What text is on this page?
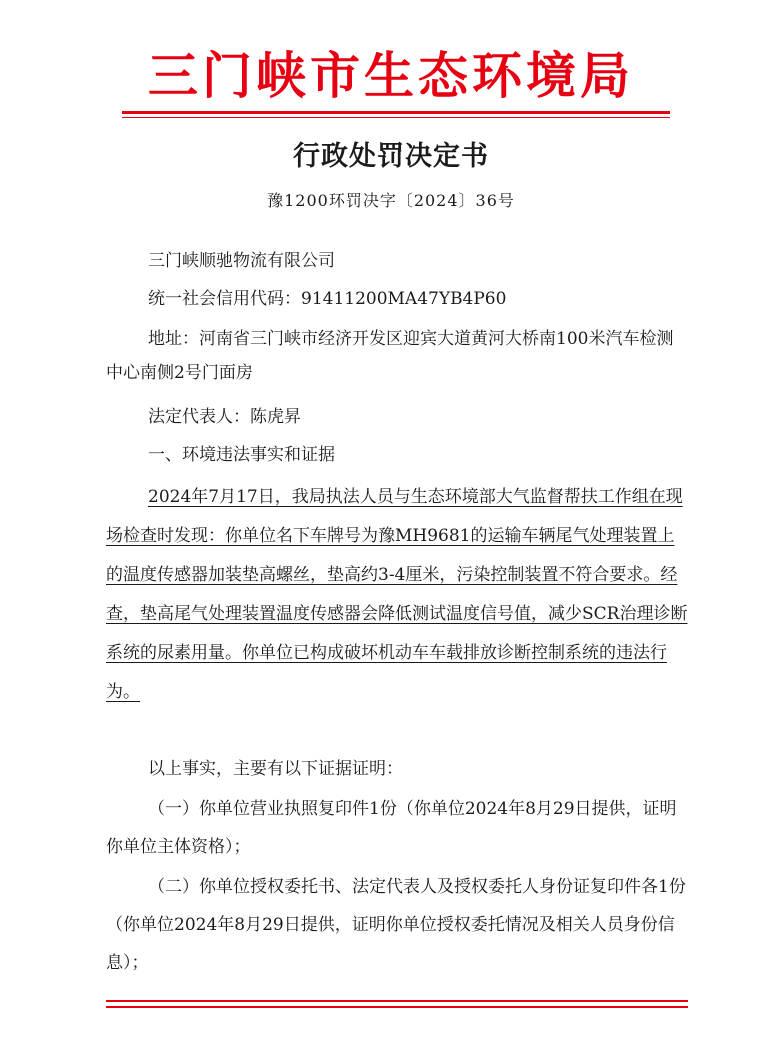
三门峡市生态环境局
行政处罚决定书
豫1200环罚决字〔2024〕36号

三门峡顺驰物流有限公司

统一社会信用代码：91411200MA47YB4P60

地址：河南省三门峡市经济开发区迎宾大道黄河大桥南100米汽车检测中心南侧2号门面房

法定代表人：陈虎昇

一、环境违法事实和证据

2024年7月17日，我局执法人员与生态环境部大气监督帮扶工作组在现场检查时发现：你单位名下车牌号为豫MH9681的运输车辆尾气处理装置上的温度传感器加装垫高螺丝，垫高约3-4厘米，污染控制装置不符合要求。经查，垫高尾气处理装置温度传感器会降低测试温度信号值，减少SCR治理诊断系统的尿素用量。你单位已构成破坏机动车车载排放诊断控制系统的违法行为。

以上事实，主要有以下证据证明：

（一）你单位营业执照复印件1份（你单位2024年8月29日提供，证明你单位主体资格）；

（二）你单位授权委托书、法定代表人及授权委托人身份证复印件各1份（你单位2024年8月29日提供，证明你单位授权委托情况及相关人员身份信息）；
